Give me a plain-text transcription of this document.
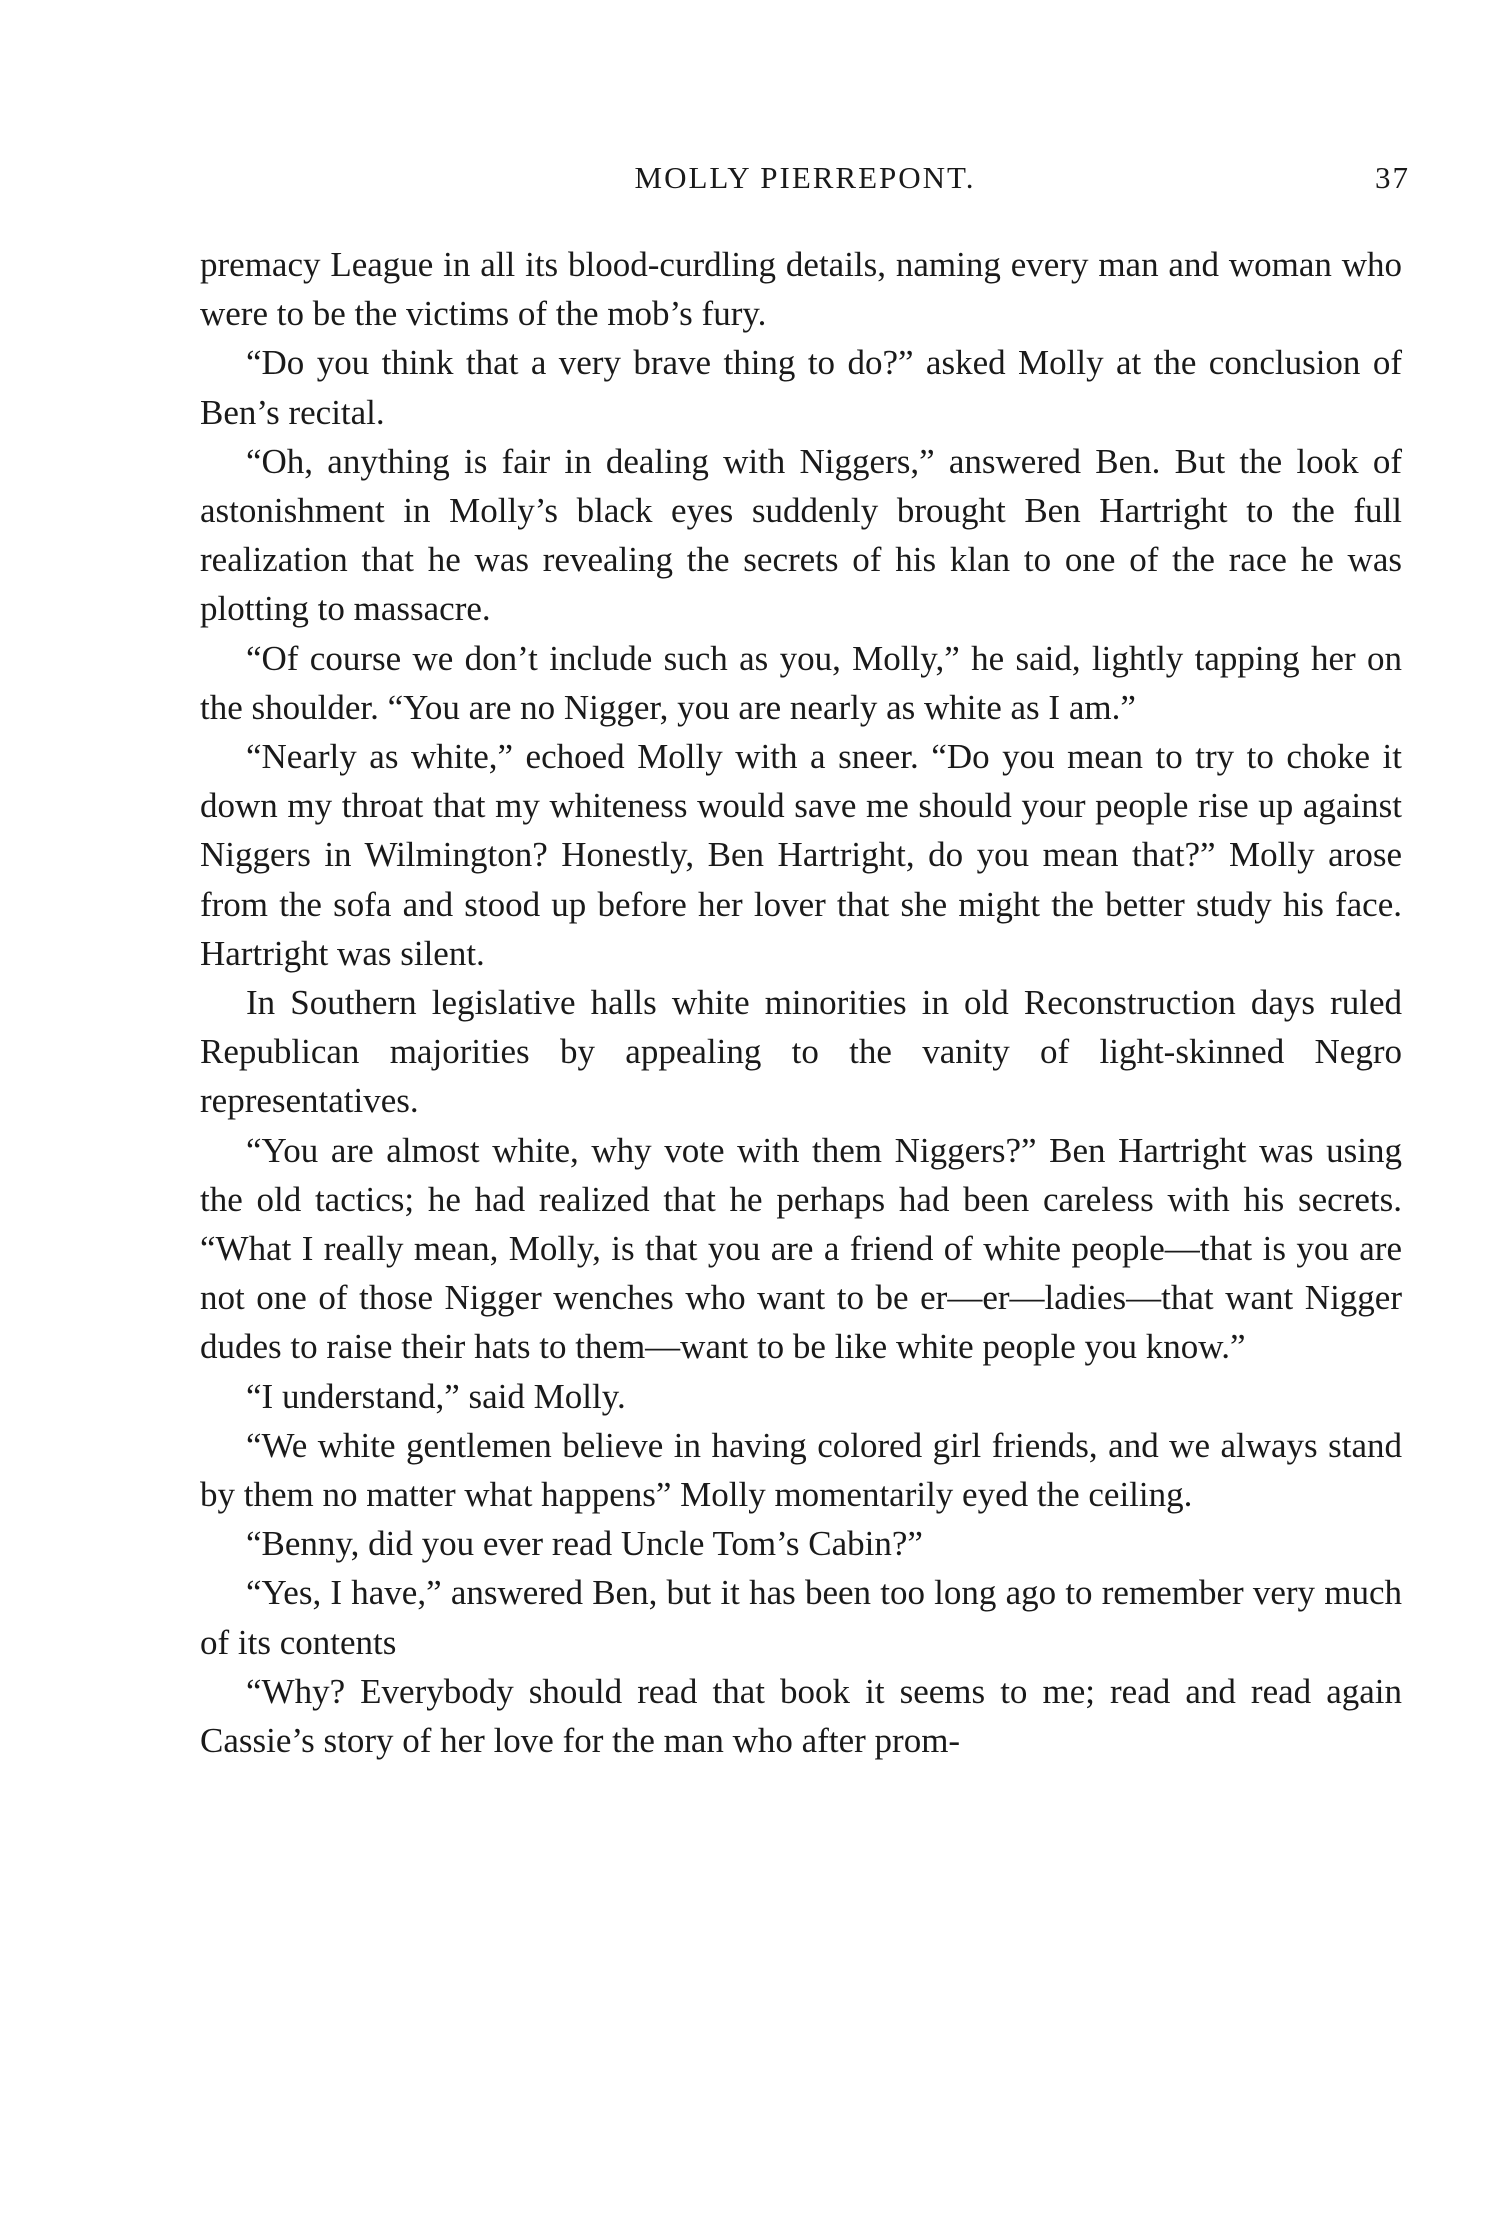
MOLLY PIERREPONT.	37

premacy League in all its blood-curdling details, naming every man and woman who were to be the victims of the mob’s fury.

“Do you think that a very brave thing to do?” asked Molly at the conclusion of Ben’s recital.

“Oh, anything is fair in dealing with Niggers,” answered Ben. But the look of astonishment in Molly’s black eyes suddenly brought Ben Hartright to the full realization that he was revealing the secrets of his klan to one of the race he was plotting to massacre.

“Of course we don’t include such as you, Molly,” he said, lightly tapping her on the shoulder. “You are no Nigger, you are nearly as white as I am.”

“Nearly as white,” echoed Molly with a sneer. “Do you mean to try to choke it down my throat that my whiteness would save me should your people rise up against Niggers in Wilmington? Honestly, Ben Hartright, do you mean that?” Molly arose from the sofa and stood up before her lover that she might the better study his face. Hartright was silent.

In Southern legislative halls white minorities in old Reconstruction days ruled Republican majorities by appealing to the vanity of light-skinned Negro representatives.

“You are almost white, why vote with them Niggers?” Ben Hartright was using the old tactics; he had realized that he perhaps had been careless with his secrets. “What I really mean, Molly, is that you are a friend of white people—that is you are not one of those Nigger wenches who want to be er—er—ladies—that want Nigger dudes to raise their hats to them—want to be like white people you know.”

“I understand,” said Molly.

“We white gentlemen believe in having colored girl friends, and we always stand by them no matter what happens” Molly momentarily eyed the ceiling.

“Benny, did you ever read Uncle Tom’s Cabin?”

“Yes, I have,” answered Ben, but it has been too long ago to remember very much of its contents

“Why? Everybody should read that book it seems to me; read and read again Cassie’s story of her love for the man who after prom-
